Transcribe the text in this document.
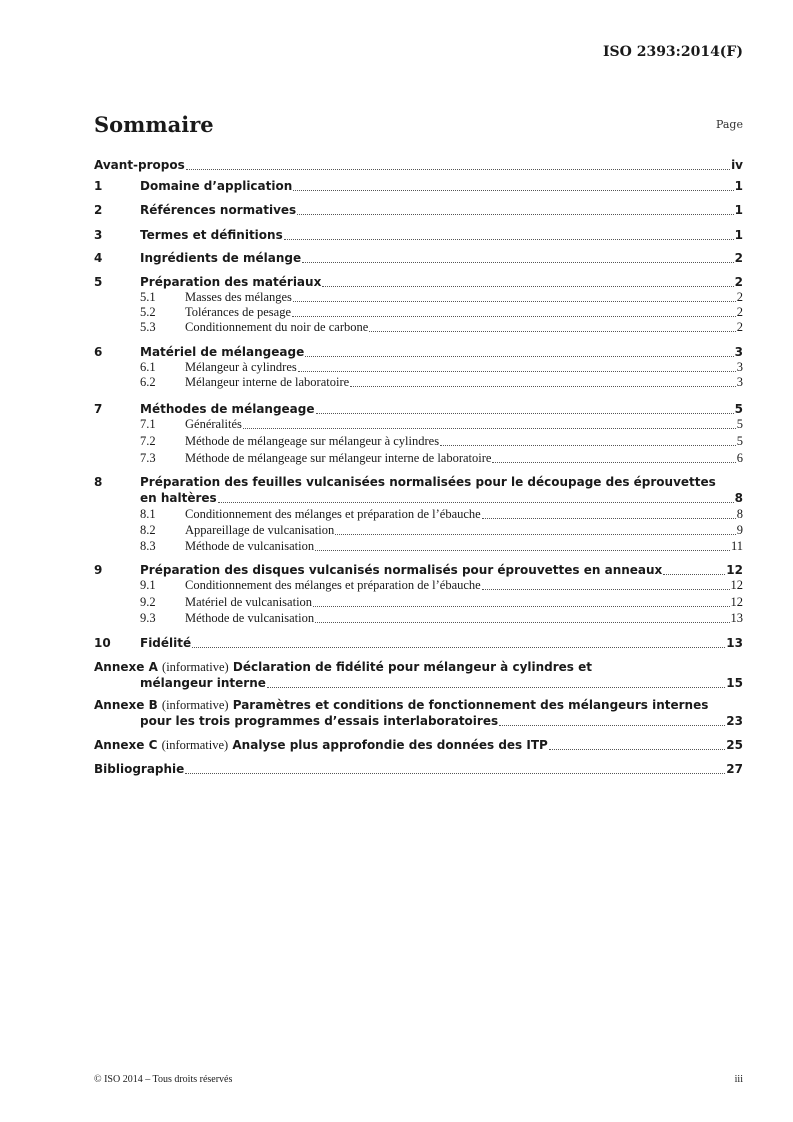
ISO 2393:2014(F)
Sommaire	Page
Avant-propos	iv
1	Domaine d’application	1
2	Références normatives	1
3	Termes et définitions	1
4	Ingrédients de mélange	2
5	Préparation des matériaux	2
5.1 Masses des mélanges	2
5.2 Tolérances de pesage	2
5.3 Conditionnement du noir de carbone	2
6	Matériel de mélangeage	3
6.1 Mélangeur à cylindres	3
6.2 Mélangeur interne de laboratoire	3
7	Méthodes de mélangeage	5
7.1 Généralités	5
7.2 Méthode de mélangeage sur mélangeur à cylindres	5
7.3 Méthode de mélangeage sur mélangeur interne de laboratoire	6
8	Préparation des feuilles vulcanisées normalisées pour le découpage des éprouvettes
en haltères	8
8.1 Conditionnement des mélanges et préparation de l’ébauche	8
8.2 Appareillage de vulcanisation	9
8.3 Méthode de vulcanisation	11
9	Préparation des disques vulcanisés normalisés pour éprouvettes en anneaux	12
9.1 Conditionnement des mélanges et préparation de l’ébauche	12
9.2 Matériel de vulcanisation	12
9.3 Méthode de vulcanisation	13
10 Fidélité	13
Annexe A (informative) Déclaration de fidélité pour mélangeur à cylindres et
mélangeur interne	15
Annexe B (informative) Paramètres et conditions de fonctionnement des mélangeurs internes
pour les trois programmes d’essais interlaboratoires	23
Annexe C (informative) Analyse plus approfondie des données des ITP	25
Bibliographie	27
© ISO 2014 – Tous droits réservés	iii
